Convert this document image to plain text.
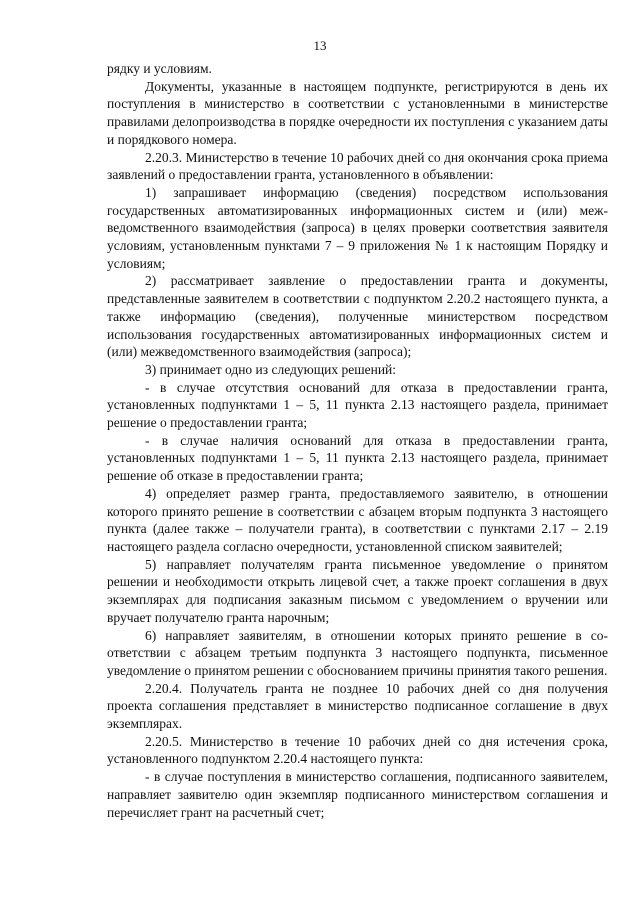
13

рядку и условиям.

Документы, указанные в настоящем подпункте, регистрируются в день их поступления в министерство в соответствии с установленными в министерстве правилами делопроизводства в порядке очередности их поступления с указанием даты и порядкового номера.

2.20.3. Министерство в течение 10 рабочих дней со дня окончания срока приема заявлений о предоставлении гранта, установленного в объявлении:

1) запрашивает информацию (сведения) посредством использования государственных автоматизированных информационных систем и (или) межведомственного взаимодействия (запроса) в целях проверки соответствия заявителя условиям, установленным пунктами 7 – 9 приложения № 1 к настоящим Порядку и условиям;

2) рассматривает заявление о предоставлении гранта и документы, представленные заявителем в соответствии с подпунктом 2.20.2 настоящего пункта, а также информацию (сведения), полученные министерством посредством использования государственных автоматизированных информационных систем и (или) межведомственного взаимодействия (запроса);

3) принимает одно из следующих решений:

- в случае отсутствия оснований для отказа в предоставлении гранта, установленных подпунктами 1 – 5, 11 пункта 2.13 настоящего раздела, принимает решение о предоставлении гранта;

- в случае наличия оснований для отказа в предоставлении гранта, установленных подпунктами 1 – 5, 11 пункта 2.13 настоящего раздела, принимает решение об отказе в предоставлении гранта;

4) определяет размер гранта, предоставляемого заявителю, в отношении которого принято решение в соответствии с абзацем вторым подпункта 3 настоящего пункта (далее также – получатели гранта), в соответствии с пунктами 2.17 – 2.19 настоящего раздела согласно очередности, установленной списком заявителей;

5) направляет получателям гранта письменное уведомление о принятом решении и необходимости открыть лицевой счет, а также проект соглашения в двух экземплярах для подписания заказным письмом с уведомлением о вручении или вручает получателю гранта нарочным;

6) направляет заявителям, в отношении которых принято решение в соответствии с абзацем третьим подпункта 3 настоящего подпункта, письменное уведомление о принятом решении с обоснованием причины принятия такого решения.

2.20.4. Получатель гранта не позднее 10 рабочих дней со дня получения проекта соглашения представляет в министерство подписанное соглашение в двух экземплярах.

2.20.5. Министерство в течение 10 рабочих дней со дня истечения срока, установленного подпунктом 2.20.4 настоящего пункта:

- в случае поступления в министерство соглашения, подписанного заявителем, направляет заявителю один экземпляр подписанного министерством соглашения и перечисляет грант на расчетный счет;
